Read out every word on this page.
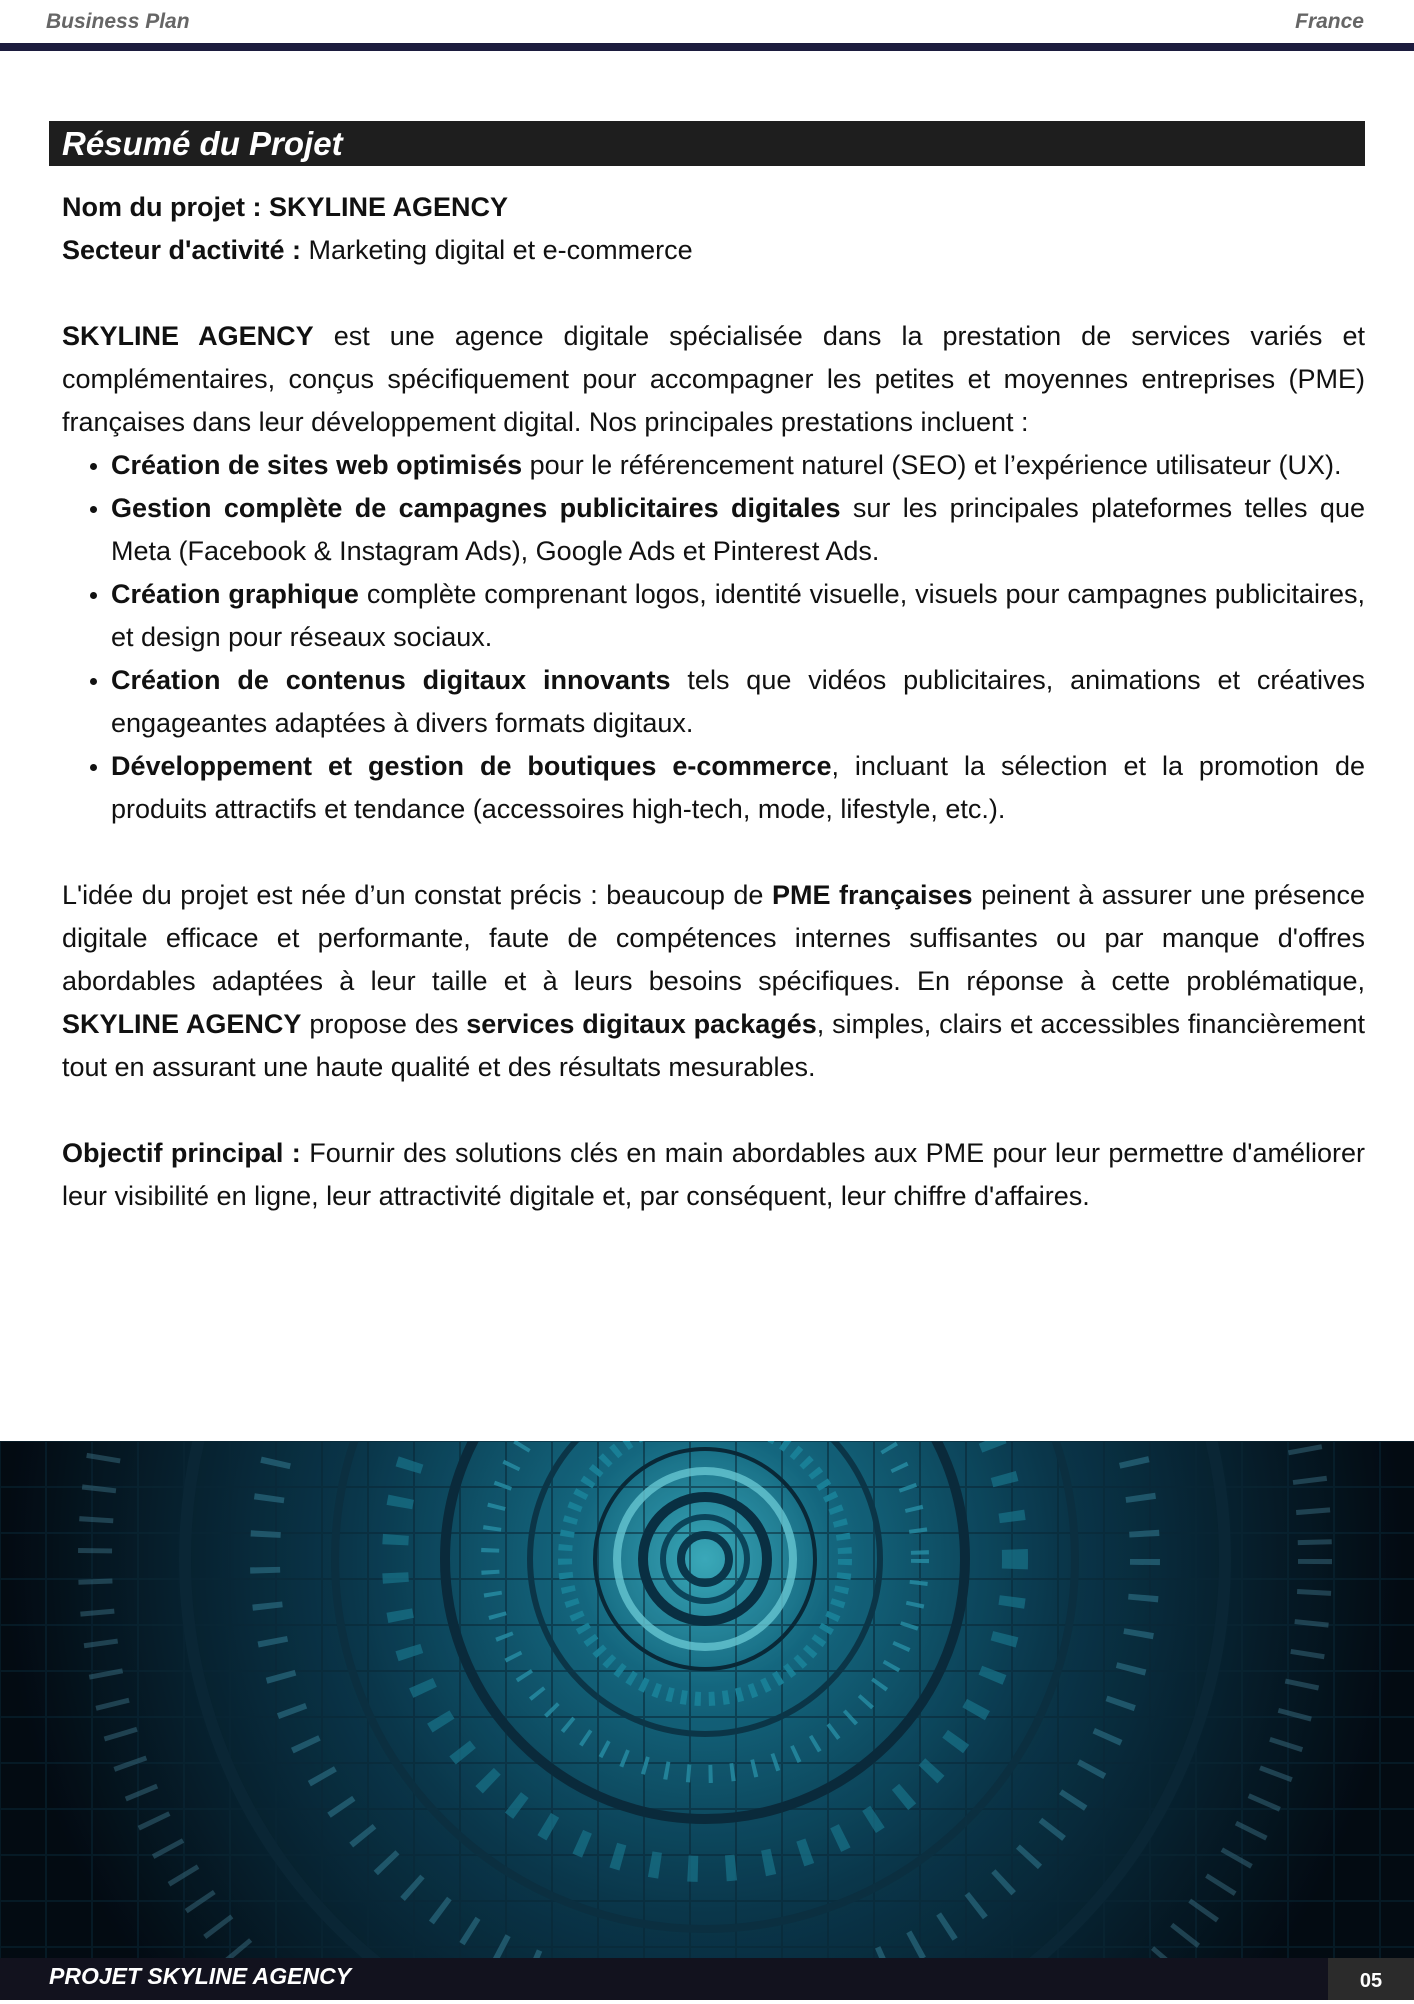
Business Plan	France
Résumé du Projet

Nom du projet : SKYLINE AGENCY

Secteur d'activité : Marketing digital et e-commerce

SKYLINE AGENCY est une agence digitale spécialisée dans la prestation de services variés et complémentaires, conçus spécifiquement pour accompagner les petites et moyennes entreprises (PME) françaises dans leur développement digital. Nos principales prestations incluent :

• Création de sites web optimisés pour le référencement naturel (SEO) et l’expérience utilisateur (UX).
• Gestion complète de campagnes publicitaires digitales sur les principales plateformes telles que Meta (Facebook & Instagram Ads), Google Ads et Pinterest Ads.
• Création graphique complète comprenant logos, identité visuelle, visuels pour campagnes publicitaires, et design pour réseaux sociaux.
• Création de contenus digitaux innovants tels que vidéos publicitaires, animations et créatives engageantes adaptées à divers formats digitaux.
• Développement et gestion de boutiques e-commerce, incluant la sélection et la promotion de produits attractifs et tendance (accessoires high-tech, mode, lifestyle, etc.).

L'idée du projet est née d’un constat précis : beaucoup de PME françaises peinent à assurer une présence digitale efficace et performante, faute de compétences internes suffisantes ou par manque d'offres abordables adaptées à leur taille et à leurs besoins spécifiques. En réponse à cette problématique, SKYLINE AGENCY propose des services digitaux packagés, simples, clairs et accessibles financièrement tout en assurant une haute qualité et des résultats mesurables.

Objectif principal : Fournir des solutions clés en main abordables aux PME pour leur permettre d'améliorer leur visibilité en ligne, leur attractivité digitale et, par conséquent, leur chiffre d'affaires.

PROJET SKYLINE AGENCY	05
